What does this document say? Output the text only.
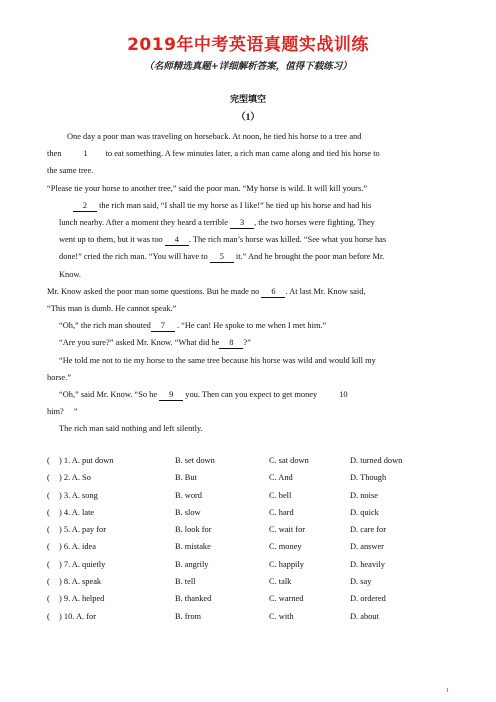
2019年中考英语真题实战训练
（名师精选真题+详细解析答案，值得下载练习）
完型填空
（1）

One day a poor man was traveling on horseback. At noon, he tied his horse to a tree and

then	1 to eat something. A few minutes later, a rich man came along and tied his horse to

the same tree.

“Please tie your horse to another tree,” said the poor man. “My horse is wild. It will kill yours.”

2 the rich man said, “I shall tie my horse as I like!” he tied up his horse and had his

lunch nearby. After a moment they heard a terrible 3 , the two horses were fighting. They

went up to them, but it was too 4 . The rich man’s horse was killed. “See what you horse has

done!” cried the rich man. “You will have to 5 it.” And he brought the poor man before Mr.

Know.

Mr. Know asked the poor man some questions. But he made no 6 . At last Mr. Know said,

“This man is dumb. He cannot speak.”

“Oh,” the rich man shouted 7 . “He can! He spoke to me when I met him.”

“Are you sure?” asked Mr. Know. “What did he 8 ?”

“He told me not to tie my horse to the same tree because his horse was wild and would kill my

horse.”

“Oh,” said Mr. Know. “So he 9 you. Then can you expect to get money	10

him? ”

The rich man said nothing and left silently.

( ) 1. A. put down	B. set down	C. sat down	D. turned down
( ) 2. A. So	B. But	C. And	D. Though
( ) 3. A. song	B. word	C. bell	D. noise
( ) 4. A. late	B. slow	C. hard	D. quick
( ) 5. A. pay for	B. look for	C. wait for	D. care for
( ) 6. A. idea	B. mistake	C. money	D. answer
( ) 7. A. quietly	B. angrily	C. happily	D. heavily
( ) 8. A. speak	B. tell	C. talk	D. say
( ) 9. A. helped	B. thanked	C. warned	D. ordered
( ) 10. A. for	B. from	C. with	D. about
1
